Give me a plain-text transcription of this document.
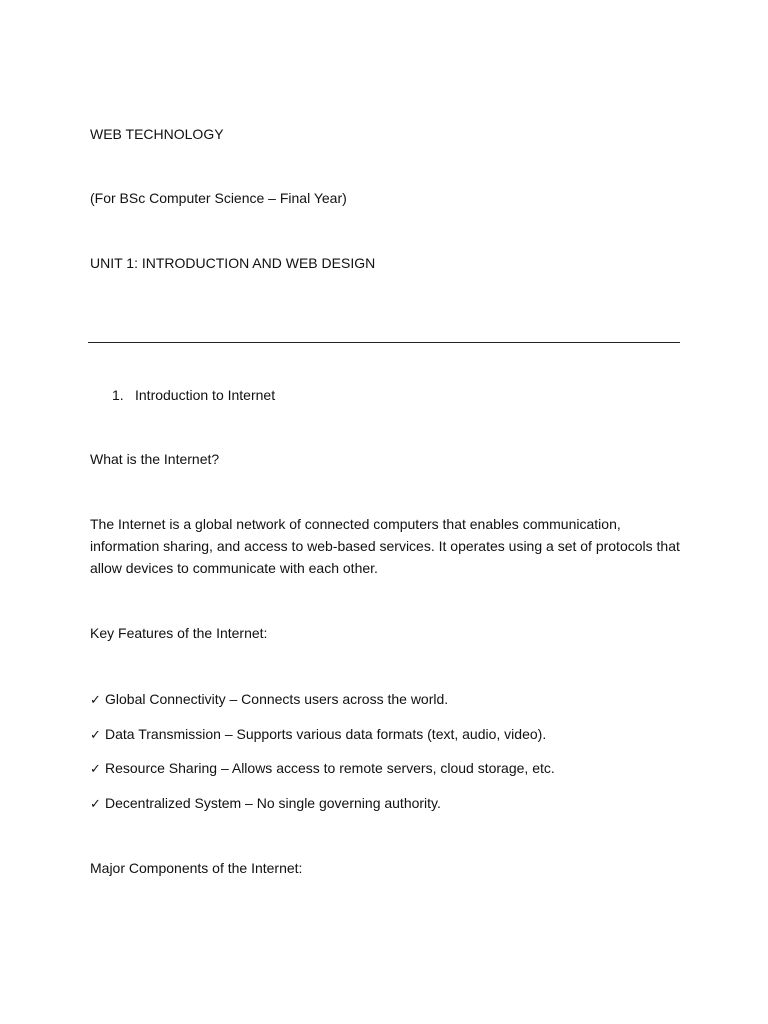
WEB TECHNOLOGY
(For BSc Computer Science – Final Year)
UNIT 1: INTRODUCTION AND WEB DESIGN
1. Introduction to Internet
What is the Internet?
The Internet is a global network of connected computers that enables communication, information sharing, and access to web-based services. It operates using a set of protocols that allow devices to communicate with each other.
Key Features of the Internet:
✓ Global Connectivity – Connects users across the world.
✓ Data Transmission – Supports various data formats (text, audio, video).
✓ Resource Sharing – Allows access to remote servers, cloud storage, etc.
✓ Decentralized System – No single governing authority.
Major Components of the Internet:
